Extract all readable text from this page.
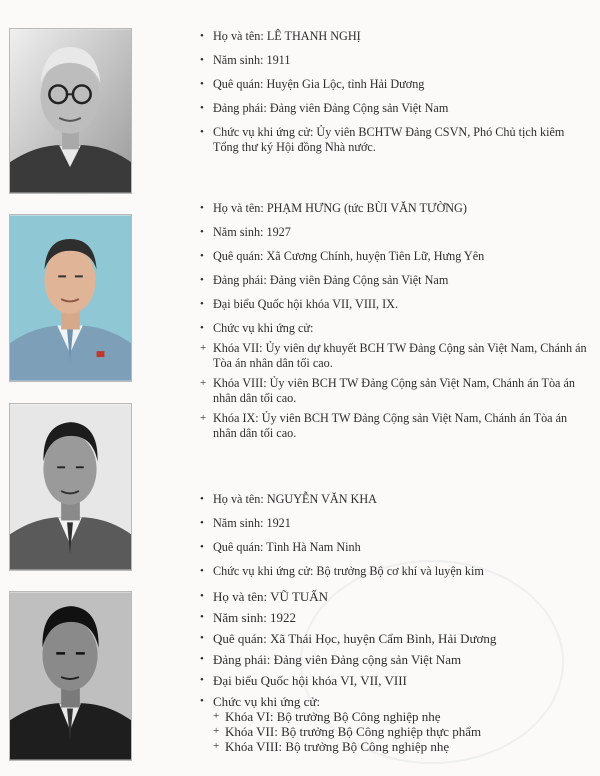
• Họ và tên: LÊ THANH NGHỊ
• Năm sinh: 1911
• Quê quán: Huyện Gia Lộc, tỉnh Hải Dương
• Đảng phái: Đảng viên Đảng Cộng sản Việt Nam
• Chức vụ khi ứng cử: Ủy viên BCHTW Đảng CSVN, Phó Chủ tịch kiêm Tổng thư ký Hội đồng Nhà nước.
• Họ và tên: PHẠM HƯNG (tức BÙI VĂN TƯỜNG)
• Năm sinh: 1927
• Quê quán: Xã Cương Chính, huyện Tiên Lữ, Hưng Yên
• Đảng phái: Đảng viên Đảng Cộng sản Việt Nam
• Đại biểu Quốc hội khóa VII, VIII, IX.
• Chức vụ khi ứng cử:
+ Khóa VII: Ủy viên dự khuyết BCH TW Đảng Cộng sản Việt Nam, Chánh án Tòa án nhân dân tối cao.
+ Khóa VIII: Ủy viên BCH TW Đảng Cộng sản Việt Nam, Chánh án Tòa án nhân dân tối cao.
+ Khóa IX: Ủy viên BCH TW Đảng Cộng sản Việt Nam, Chánh án Tòa án nhân dân tối cao.
• Họ và tên: NGUYỄN VĂN KHA
• Năm sinh: 1921
• Quê quán: Tỉnh Hà Nam Ninh
• Chức vụ khi ứng cử: Bộ trưởng Bộ cơ khí và luyện kim
• Họ và tên: VŨ TUẤN
• Năm sinh: 1922
• Quê quán: Xã Thái Học, huyện Cẩm Bình, Hải Dương
• Đảng phái: Đảng viên Đảng cộng sản Việt Nam
• Đại biểu Quốc hội khóa VI, VII, VIII
• Chức vụ khi ứng cử:
+ Khóa VI: Bộ trưởng Bộ Công nghiệp nhẹ
+ Khóa VII: Bộ trưởng Bộ Công nghiệp thực phẩm
+ Khóa VIII: Bộ trưởng Bộ Công nghiệp nhẹ
